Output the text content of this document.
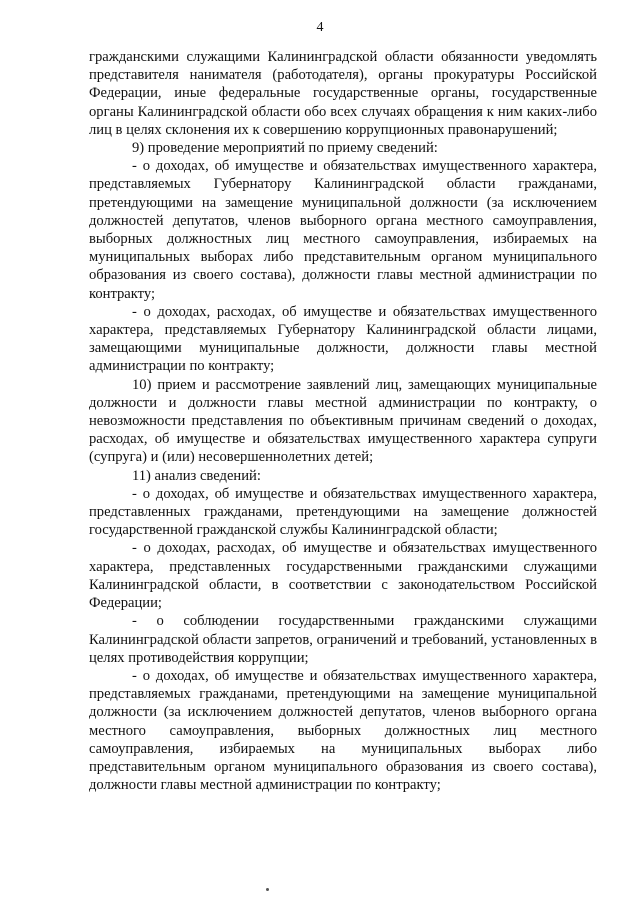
4

гражданскими служащими Калининградской области обязанности уведомлять представителя нанимателя (работодателя), органы прокуратуры Российской Федерации, иные федеральные государственные органы, государственные органы Калининградской области обо всех случаях обращения к ним каких-либо лиц в целях склонения их к совершению коррупционных правонарушений;

9) проведение мероприятий по приему сведений:

- о доходах, об имуществе и обязательствах имущественного характера, представляемых Губернатору Калининградской области гражданами, претендующими на замещение муниципальной должности (за исключением должностей депутатов, членов выборного органа местного самоуправления, выборных должностных лиц местного самоуправления, избираемых на муниципальных выборах либо представительным органом муниципального образования из своего состава), должности главы местной администрации по контракту;

- о доходах, расходах, об имуществе и обязательствах имущественного характера, представляемых Губернатору Калининградской области лицами, замещающими муниципальные должности, должности главы местной администрации по контракту;

10) прием и рассмотрение заявлений лиц, замещающих муниципальные должности и должности главы местной администрации по контракту, о невозможности представления по объективным причинам сведений о доходах, расходах, об имуществе и обязательствах имущественного характера супруги (супруга) и (или) несовершеннолетних детей;

11) анализ сведений:

- о доходах, об имуществе и обязательствах имущественного характера, представленных гражданами, претендующими на замещение должностей государственной гражданской службы Калининградской области;

- о доходах, расходах, об имуществе и обязательствах имущественного характера, представленных государственными гражданскими служащими Калининградской области, в соответствии с законодательством Российской Федерации;

- о соблюдении государственными гражданскими служащими Калининградской области запретов, ограничений и требований, установленных в целях противодействия коррупции;

- о доходах, об имуществе и обязательствах имущественного характера, представляемых гражданами, претендующими на замещение муниципальной должности (за исключением должностей депутатов, членов выборного органа местного самоуправления, выборных должностных лиц местного самоуправления, избираемых на муниципальных выборах либо представительным органом муниципального образования из своего состава), должности главы местной администрации по контракту;
